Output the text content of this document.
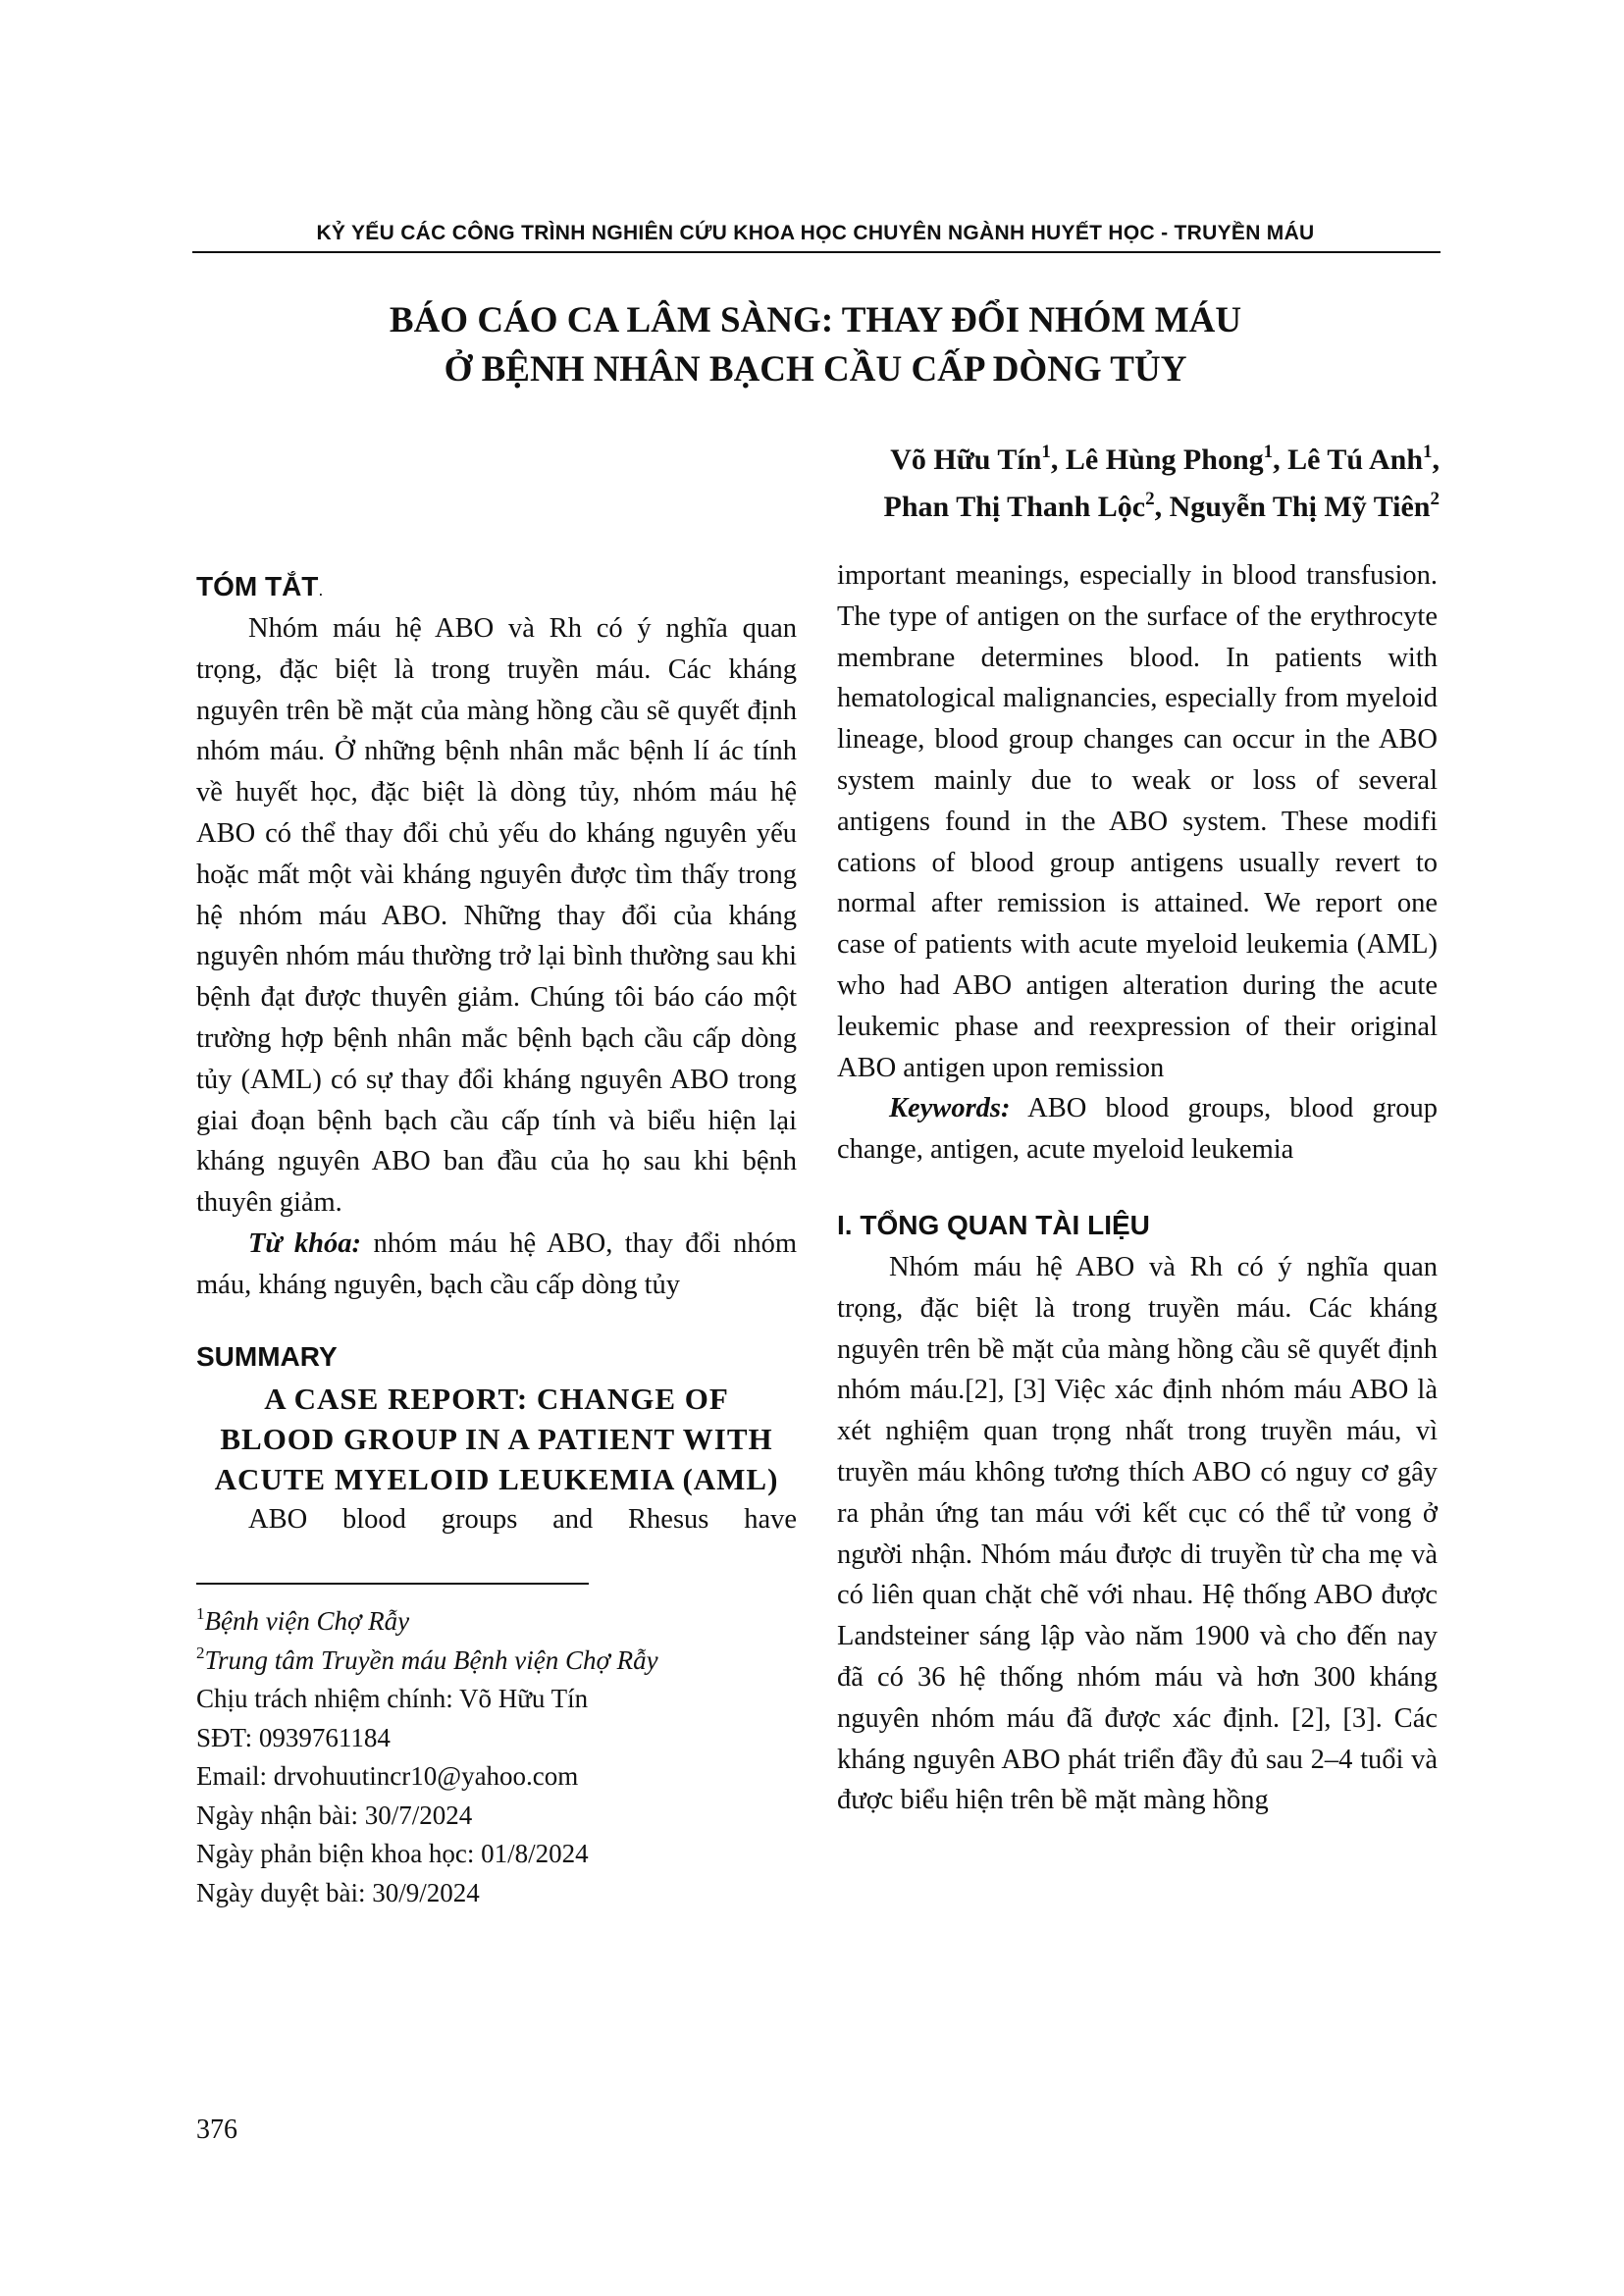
KỶ YẾU CÁC CÔNG TRÌNH NGHIÊN CỨU KHOA HỌC CHUYÊN NGÀNH HUYẾT HỌC - TRUYỀN MÁU
BÁO CÁO CA LÂM SÀNG: THAY ĐỔI NHÓM MÁU
Ở BỆNH NHÂN BẠCH CẦU CẤP DÒNG TỦY
Võ Hữu Tín$^1$, Lê Hùng Phong$^1$, Lê Tú Anh$^1$,
Phan Thị Thanh Lộc$^2$, Nguyễn Thị Mỹ Tiên$^2$
TÓM TẮT.

Nhóm máu hệ ABO và Rh có ý nghĩa quan trọng, đặc biệt là trong truyền máu. Các kháng nguyên trên bề mặt của màng hồng cầu sẽ quyết định nhóm máu. Ở những bệnh nhân mắc bệnh lí ác tính về huyết học, đặc biệt là dòng tủy, nhóm máu hệ ABO có thể thay đổi chủ yếu do kháng nguyên yếu hoặc mất một vài kháng nguyên được tìm thấy trong hệ nhóm máu ABO. Những thay đổi của kháng nguyên nhóm máu thường trở lại bình thường sau khi bệnh đạt được thuyên giảm. Chúng tôi báo cáo một trường hợp bệnh nhân mắc bệnh bạch cầu cấp dòng tủy (AML) có sự thay đổi kháng nguyên ABO trong giai đoạn bệnh bạch cầu cấp tính và biểu hiện lại kháng nguyên ABO ban đầu của họ sau khi bệnh thuyên giảm.

Từ khóa: nhóm máu hệ ABO, thay đổi nhóm máu, kháng nguyên, bạch cầu cấp dòng tủy

SUMMARY

A CASE REPORT: CHANGE OF
BLOOD GROUP IN A PATIENT WITH
ACUTE MYELOID LEUKEMIA (AML)

ABO blood groups and Rhesus have

$^1$Bệnh viện Chợ Rẫy

$^2$Trung tâm Truyền máu Bệnh viện Chợ Rẫy

Chịu trách nhiệm chính: Võ Hữu Tín

SĐT: 0939761184

Email: drvohuutincr10@yahoo.com

Ngày nhận bài: 30/7/2024

Ngày phản biện khoa học: 01/8/2024

Ngày duyệt bài: 30/9/2024

important meanings, especially in blood transfusion. The type of antigen on the surface of the erythrocyte membrane determines blood. In patients with hematological malignancies, especially from myeloid lineage, blood group changes can occur in the ABO system mainly due to weak or loss of several antigens found in the ABO system. These modifi cations of blood group antigens usually revert to normal after remission is attained. We report one case of patients with acute myeloid leukemia (AML) who had ABO antigen alteration during the acute leukemic phase and reexpression of their original ABO antigen upon remission

Keywords: ABO blood groups, blood group change, antigen, acute myeloid leukemia

I. TỔNG QUAN TÀI LIỆU

Nhóm máu hệ ABO và Rh có ý nghĩa quan trọng, đặc biệt là trong truyền máu. Các kháng nguyên trên bề mặt của màng hồng cầu sẽ quyết định nhóm máu.[2], [3] Việc xác định nhóm máu ABO là xét nghiệm quan trọng nhất trong truyền máu, vì truyền máu không tương thích ABO có nguy cơ gây ra phản ứng tan máu với kết cục có thể tử vong ở người nhận. Nhóm máu được di truyền từ cha mẹ và có liên quan chặt chẽ với nhau. Hệ thống ABO được Landsteiner sáng lập vào năm 1900 và cho đến nay đã có 36 hệ thống nhóm máu và hơn 300 kháng nguyên nhóm máu đã được xác định. [2], [3]. Các kháng nguyên ABO phát triển đầy đủ sau 2–4 tuổi và được biểu hiện trên bề mặt màng hồng

376
